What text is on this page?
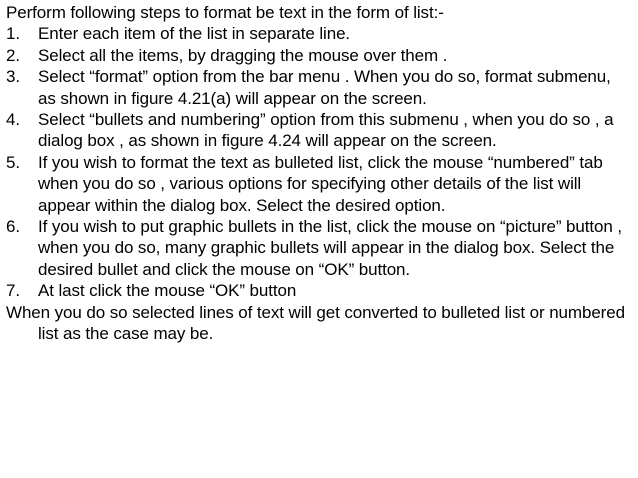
Perform following steps to format be text in the form of list:-

1.	Enter each item of the list in separate line.
2.	Select all the items, by dragging the mouse over them .
3.	Select “format” option from the bar menu . When you do so, format submenu, as shown in figure 4.21(a) will appear on the screen.
4.	Select “bullets and numbering” option from this submenu , when you do so , a dialog box , as shown in figure 4.24 will appear on the screen.
5.	If you wish to format the text as bulleted list, click the mouse “numbered” tab when you do so , various options for specifying other details of the list will appear within the dialog box. Select the desired option.
6.	If you wish to put graphic bullets in the list, click the mouse on “picture” button , when you do so, many graphic bullets will appear in the dialog box. Select the desired bullet and click the mouse on “OK” button.
7.	At last click the mouse “OK” button

When you do so selected lines of text will get converted to bulleted list or numbered list as the case may be.
